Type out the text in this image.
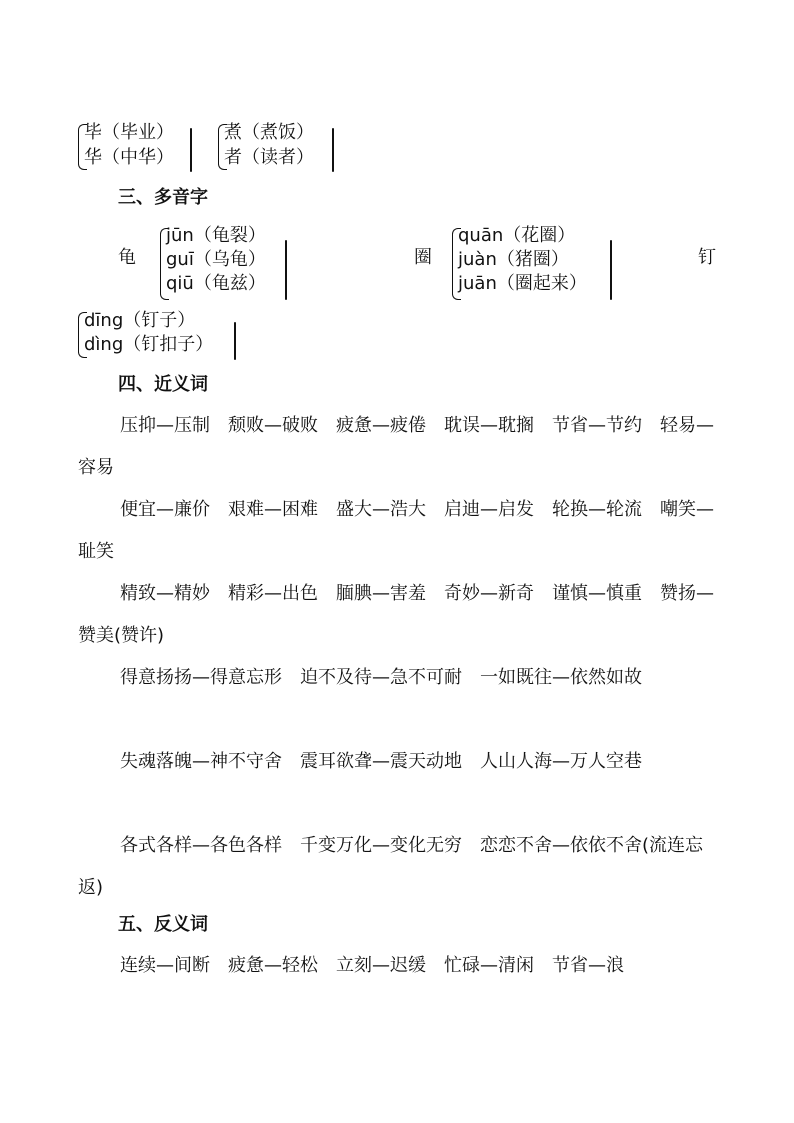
毕（毕业）
华（中华）
煮（煮饭）
者（读者）
三、多音字
龟
jūn（龟裂）
guī（乌龟）
qiū（龟兹）
圈
quān（花圈）
juàn（猪圈）
juān（圈起来）
钉
dīng（钉子）
dìng（钉扣子）
四、近义词
压抑—压制 颓败—破败 疲惫—疲倦 耽误—耽搁 节省—节约 轻易—容易
便宜—廉价 艰难—困难 盛大—浩大 启迪—启发 轮换—轮流 嘲笑—耻笑
精致—精妙 精彩—出色 腼腆—害羞 奇妙—新奇 谨慎—慎重 赞扬—赞美(赞许)
得意扬扬—得意忘形 迫不及待—急不可耐 一如既往—依然如故
失魂落魄—神不守舍 震耳欲聋—震天动地 人山人海—万人空巷
各式各样—各色各样 千变万化—变化无穷 恋恋不舍—依依不舍(流连忘返)
五、反义词
连续—间断 疲惫—轻松 立刻—迟缓 忙碌—清闲 节省—浪
